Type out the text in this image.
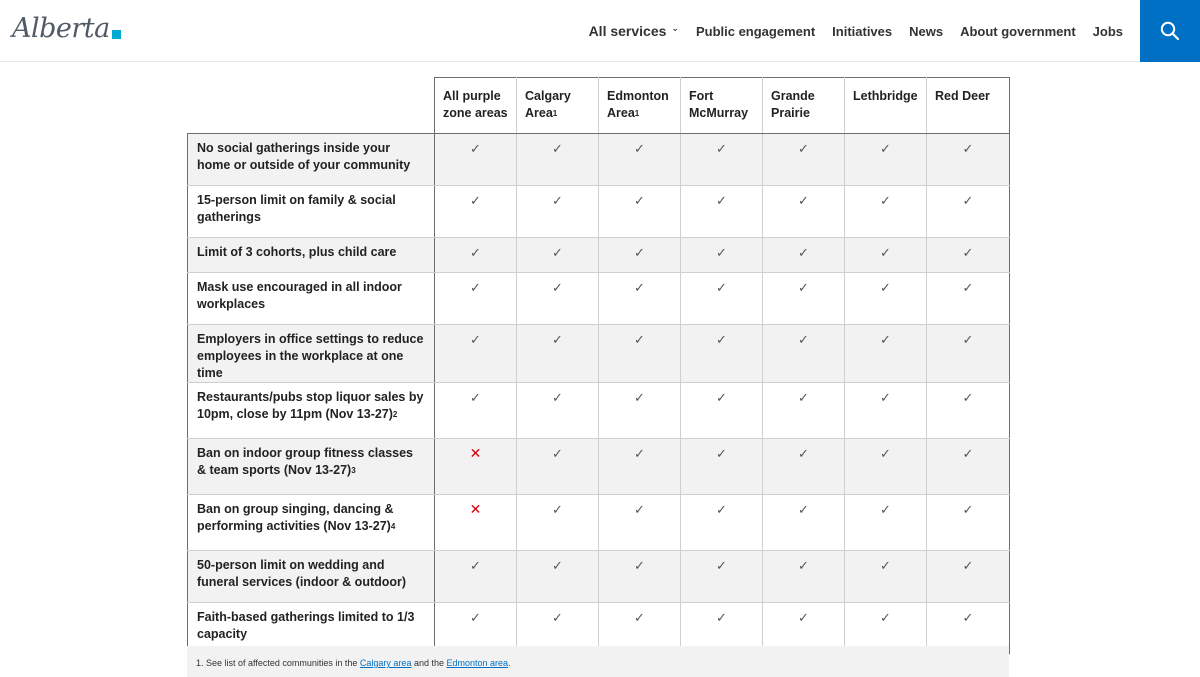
Alberta	All services ⌄ Public engagement Initiatives News About government Jobs
	All purple zone areas	Calgary Area$^1$	Edmonton Area$^1$	Fort McMurray	Grande Prairie	Lethbridge	Red Deer
No social gatherings inside your home or outside of your community	✓	✓	✓	✓	✓	✓	✓
15-person limit on family & social gatherings	✓	✓	✓	✓	✓	✓	✓
Limit of 3 cohorts, plus child care	✓	✓	✓	✓	✓	✓	✓
Mask use encouraged in all indoor workplaces	✓	✓	✓	✓	✓	✓	✓
Employers in office settings to reduce employees in the workplace at one time	✓	✓	✓	✓	✓	✓	✓
Restaurants/pubs stop liquor sales by 10pm, close by 11pm (Nov 13-27)$^2$	✓	✓	✓	✓	✓	✓	✓
Ban on indoor group fitness classes & team sports (Nov 13-27)$^3$	✕	✓	✓	✓	✓	✓	✓
Ban on group singing, dancing & performing activities (Nov 13-27)$^4$	✕	✓	✓	✓	✓	✓	✓
50-person limit on wedding and funeral services (indoor & outdoor)	✓	✓	✓	✓	✓	✓	✓
Faith-based gatherings limited to 1/3 capacity	✓	✓	✓	✓	✓	✓	✓
1. See list of affected communities in the Calgary area and the Edmonton area.
